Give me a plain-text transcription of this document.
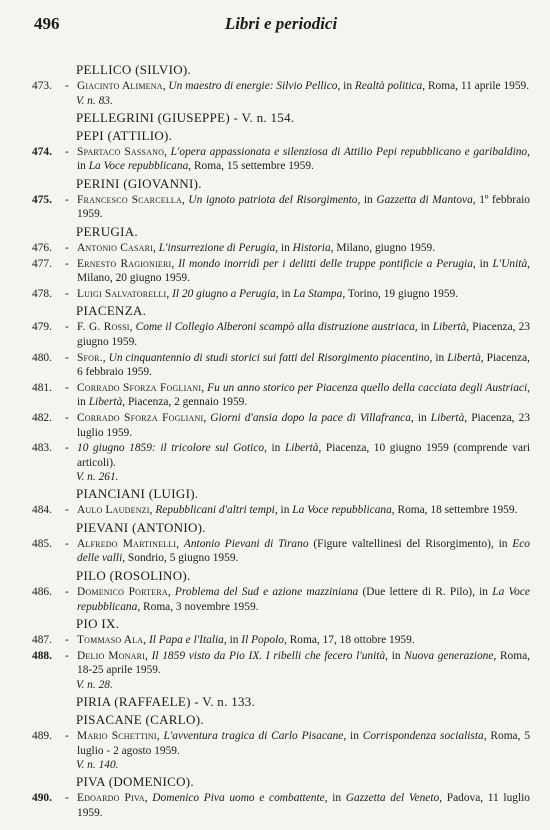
496	Libri e periodici
PELLICO (SILVIO).
473.	- Giacinto Alimena, Un maestro di energie: Silvio Pellico, in Realtà politica, Roma, 11 aprile 1959.
V. n. 83.
PELLEGRINI (GIUSEPPE) - V. n. 154.
PEPI (ATTILIO).
474.	- Spartaco Sassano, L'opera appassionata e silenziosa di Attilio Pepi repubblicano e garibaldino, in La Voce repubblicana, Roma, 15 settembre 1959.
PERINI (GIOVANNI).
475.	- Francesco Scarcella, Un ignoto patriota del Risorgimento, in Gazzetta di Mantova, 1º febbraio 1959.
PERUGIA.
476.	- Antonio Casari, L'insurrezione di Perugia, in Historia, Milano, giugno 1959.
477.	- Ernesto Ragionieri, Il mondo inorridì per i delitti delle truppe pontificie a Perugia, in L'Unità, Milano, 20 giugno 1959.
478.	- Luigi Salvatorelli, Il 20 giugno a Perugia, in La Stampa, Torino, 19 giugno 1959.
PIACENZA.
479.	- F. G. Rossi, Come il Collegio Alberoni scampò alla distruzione austriaca, in Libertà, Piacenza, 23 giugno 1959.
480.	- Sfor., Un cinquantennio di studi storici sui fatti del Risorgimento piacentino, in Libertà, Piacenza, 6 febbraio 1959.
481.	- Corrado Sforza Fogliani, Fu un anno storico per Piacenza quello della cacciata degli Austriaci, in Libertà, Piacenza, 2 gennaio 1959.
482.	- Corrado Sforza Fogliani, Giorni d'ansia dopo la pace di Villafranca, in Libertà, Piacenza, 23 luglio 1959.
483.	- 10 giugno 1859: il tricolore sul Gotico, in Libertà, Piacenza, 10 giugno 1959 (comprende vari articoli).
V. n. 261.
PIANCIANI (LUIGI).
484.	- Aulo Laudenzi, Repubblicani d'altri tempi, in La Voce repubblicana, Roma, 18 settembre 1959.
PIEVANI (ANTONIO).
485.	- Alfredo Martinelli, Antonio Pievani di Tirano (Figure valtellinesi del Risorgimento), in Eco delle valli, Sondrio, 5 giugno 1959.
PILO (ROSOLINO).
486.	- Domenico Portera, Problema del Sud e azione mazziniana (Due lettere di R. Pilo), in La Voce repubblicana, Roma, 3 novembre 1959.
PIO IX.
487.	- Tommaso Ala, Il Papa e l'Italia, in Il Popolo, Roma, 17, 18 ottobre 1959.
488.	- Delio Monari, Il 1859 visto da Pio IX. I ribelli che fecero l'unità, in Nuova generazione, Roma, 18-25 aprile 1959.
V. n. 28.
PIRIA (RAFFAELE) - V. n. 133.
PISACANE (CARLO).
489.	- Mario Schettini, L'avventura tragica di Carlo Pisacane, in Corrispondenza socialista, Roma, 5 luglio - 2 agosto 1959.
V. n. 140.
PIVA (DOMENICO).
490.	- Edoardo Piva, Domenico Piva uomo e combattente, in Gazzetta del Veneto, Padova, 11 luglio 1959.
